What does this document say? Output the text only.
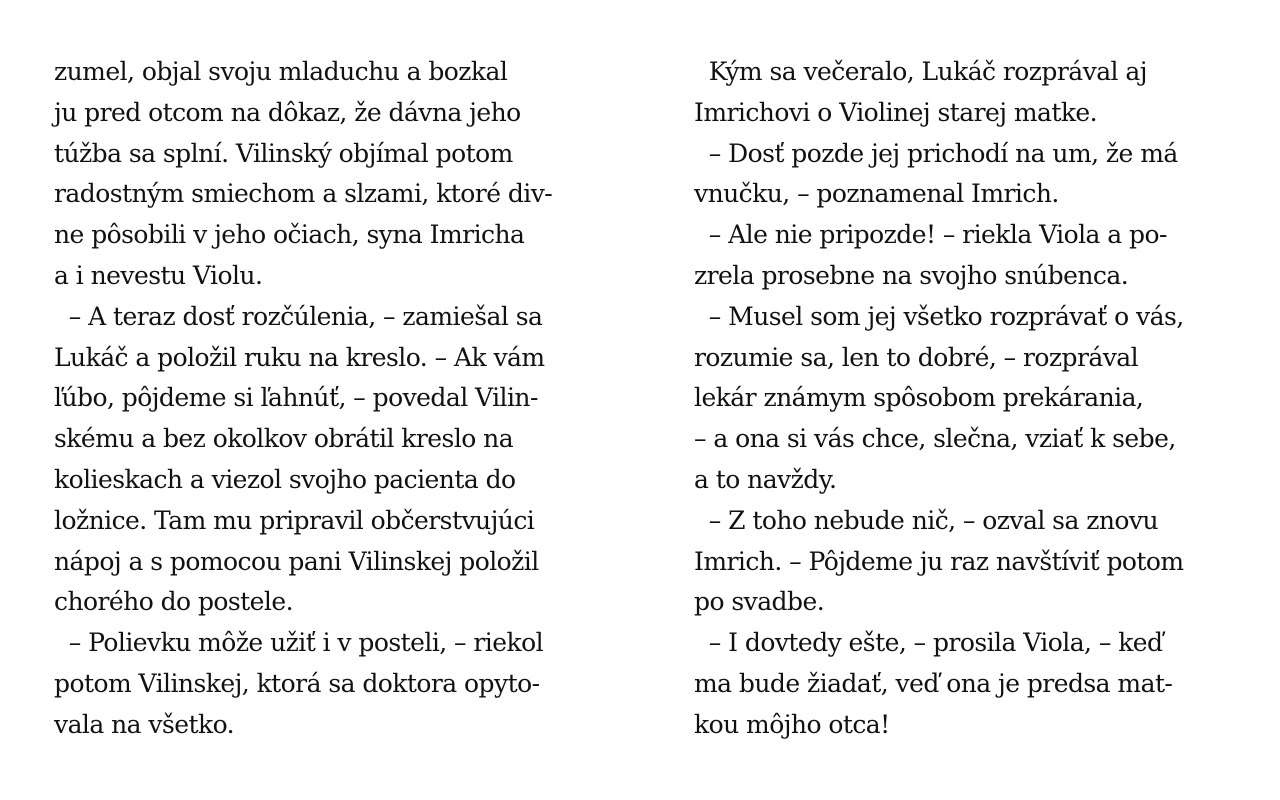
zumel, objal svoju mladuchu a bozkal
ju pred otcom na dôkaz, že dávna jeho
túžba sa splní. Vilinský objímal potom
radostným smiechom a slzami, ktoré div-
ne pôsobili v jeho očiach, syna Imricha
a i nevestu Violu.
– A teraz dosť rozčúlenia, – zamiešal sa
Lukáč a položil ruku na kreslo. – Ak vám
ľúbo, pôjdeme si ľahnúť, – povedal Vilin-
skému a bez okolkov obrátil kreslo na
kolieskach a viezol svojho pacienta do
ložnice. Tam mu pripravil občerstvujúci
nápoj a s pomocou pani Vilinskej položil
chorého do postele.
– Polievku môže užiť i v posteli, – riekol
potom Vilinskej, ktorá sa doktora opyto-
vala na všetko.
Kým sa večeralo, Lukáč rozprával aj
Imrichovi o Violinej starej matke.
– Dosť pozde jej prichodí na um, že má
vnučku, – poznamenal Imrich.
– Ale nie pripozde! – riekla Viola a po-
zrela prosebne na svojho snúbenca.
– Musel som jej všetko rozprávať o vás,
rozumie sa, len to dobré, – rozprával
lekár známym spôsobom prekárania,
– a ona si vás chce, slečna, vziať k sebe,
a to navždy.
– Z toho nebude nič, – ozval sa znovu
Imrich. – Pôjdeme ju raz navštíviť potom
po svadbe.
– I dovtedy ešte, – prosila Viola, – keď
ma bude žiadať, veď ona je predsa mat-
kou môjho otca!
